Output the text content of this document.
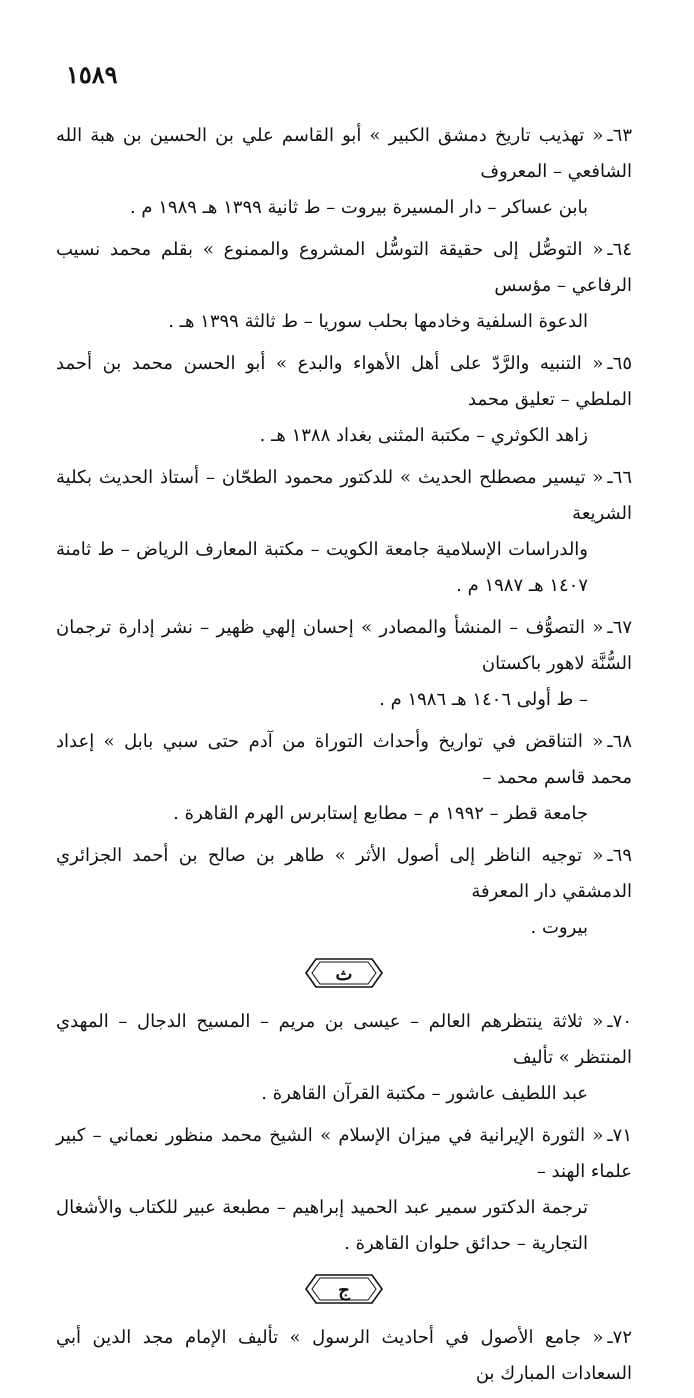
١٥٨٩
٦٣ـ« تهذيب تاريخ دمشق الكبير » أبو القاسم علي بن الحسين بن هبة الله الشافعي – المعروف
بابن عساكر – دار المسيرة بيروت – ط ثانية ١٣٩٩ هـ ١٩٨٩ م .
٦٤ـ« التوصُّل إلى حقيقة التوسُّل المشروع والممنوع » بقلم محمد نسيب الرفاعي – مؤسس
الدعوة السلفية وخادمها بحلب سوريا – ط ثالثة ١٣٩٩ هـ .
٦٥ـ« التنبيه والرَّدّ على أهل الأهواء والبدع » أبو الحسن محمد بن أحمد الملطي – تعليق محمد
زاهد الكوثري – مكتبة المثنى بغداد ١٣٨٨ هـ .
٦٦ـ« تيسير مصطلح الحديث » للدكتور محمود الطحّان – أستاذ الحديث بكلية الشريعة
والدراسات الإسلامية جامعة الكويت – مكتبة المعارف الرياض – ط ثامنة ١٤٠٧ هـ ١٩٨٧ م .
٦٧ـ« التصوُّف – المنشأ والمصادر » إحسان إلهي ظهير – نشر إدارة ترجمان السُّنَّة لاهور باكستان
– ط أولى ١٤٠٦ هـ ١٩٨٦ م .
٦٨ـ« التناقض في تواريخ وأحداث التوراة من آدم حتى سبي بابل » إعداد محمد قاسم محمد –
جامعة قطر – ١٩٩٢ م – مطابع إستابرس الهرم القاهرة .
٦٩ـ« توجيه الناظر إلى أصول الأثر » طاهر بن صالح بن أحمد الجزائري الدمشقي دار المعرفة
بيروت .
ث
٧٠ـ« ثلاثة ينتظرهم العالم – عيسى بن مريم – المسيح الدجال – المهدي المنتظر » تأليف
عبد اللطيف عاشور – مكتبة القرآن القاهرة .
٧١ـ« الثورة الإيرانية في ميزان الإسلام » الشيخ محمد منظور نعماني – كبير علماء الهند –
ترجمة الدكتور سمير عبد الحميد إبراهيم – مطبعة عبير للكتاب والأشغال التجارية – حدائق حلوان القاهرة .
ج
٧٢ـ« جامع الأصول في أحاديث الرسول » تأليف الإمام مجد الدين أبي السعادات المبارك بن
